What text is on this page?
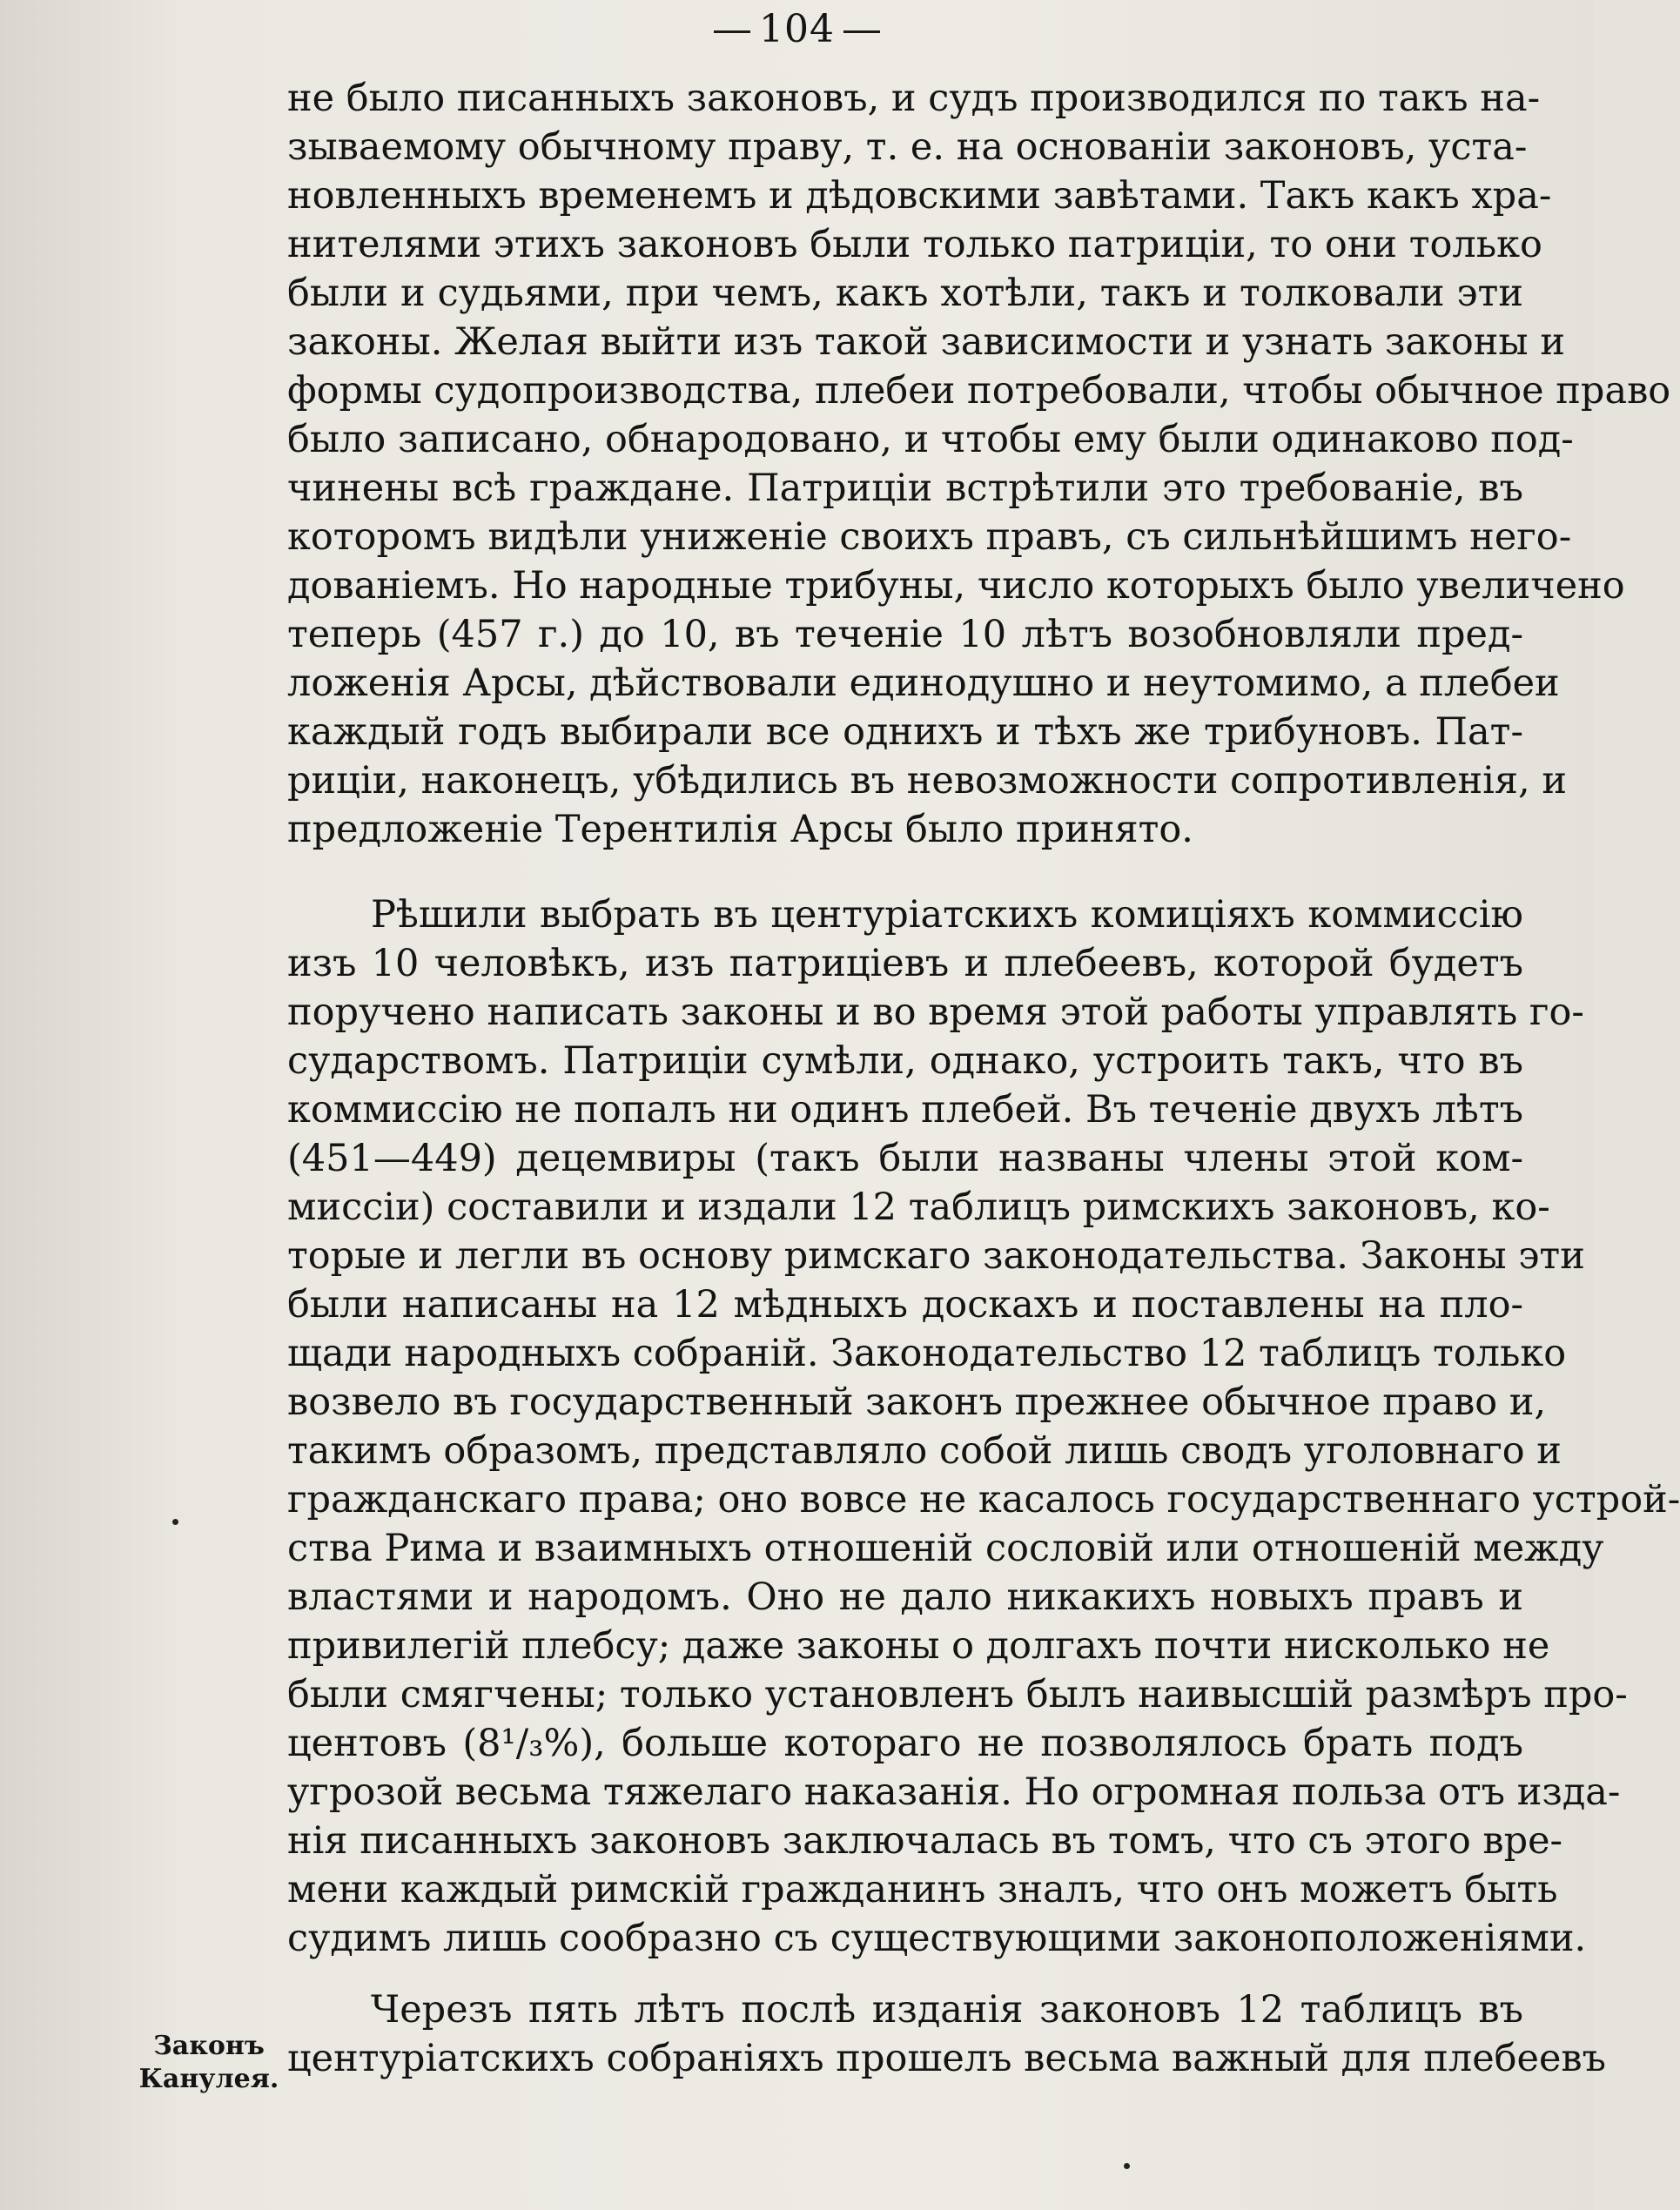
104
не было писанныхъ законовъ, и судъ производился по такъ на-
зываемому обычному праву, т. е. на основаніи законовъ, уста-
новленныхъ временемъ и дѣдовскими завѣтами. Такъ какъ хра-
нителями этихъ законовъ были только патриціи, то они только
были и судьями, при чемъ, какъ хотѣли, такъ и толковали эти
законы. Желая выйти изъ такой зависимости и узнать законы и
формы судопроизводства, плебеи потребовали, чтобы обычное право
было записано, обнародовано, и чтобы ему были одинаково под-
чинены всѣ граждане. Патриціи встрѣтили это требованіе, въ
которомъ видѣли униженіе своихъ правъ, съ сильнѣйшимъ него-
дованіемъ. Но народные трибуны, число которыхъ было увеличено
теперь (457 г.) до 10, въ теченіе 10 лѣтъ возобновляли пред-
ложенія Арсы, дѣйствовали единодушно и неутомимо, а плебеи
каждый годъ выбирали все однихъ и тѣхъ же трибуновъ. Пат-
риціи, наконецъ, убѣдились въ невозможности сопротивленія, и
предложеніе Терентилія Арсы было принято.
Рѣшили выбрать въ центуріатскихъ комиціяхъ коммиссію
изъ 10 человѣкъ, изъ патриціевъ и плебеевъ, которой будетъ
поручено написать законы и во время этой работы управлять го-
сударствомъ. Патриціи сумѣли, однако, устроить такъ, что въ
коммиссію не попалъ ни одинъ плебей. Въ теченіе двухъ лѣтъ
(451—449) децемвиры (такъ были названы члены этой ком-
миссіи) составили и издали 12 таблицъ римскихъ законовъ, ко-
торые и легли въ основу римскаго законодательства. Законы эти
были написаны на 12 мѣдныхъ доскахъ и поставлены на пло-
щади народныхъ собраній. Законодательство 12 таблицъ только
возвело въ государственный законъ прежнее обычное право и,
такимъ образомъ, представляло собой лишь сводъ уголовнаго и
гражданскаго права; оно вовсе не касалось государственнаго устрой-
ства Рима и взаимныхъ отношеній сословій или отношеній между
властями и народомъ. Оно не дало никакихъ новыхъ правъ и
привилегій плебсу; даже законы о долгахъ почти нисколько не
были смягчены; только установленъ былъ наивысшій размѣръ про-
центовъ (8¹/₃%), больше котораго не позволялось брать подъ
угрозой весьма тяжелаго наказанія. Но огромная польза отъ изда-
нія писанныхъ законовъ заключалась въ томъ, что съ этого вре-
мени каждый римскій гражданинъ зналъ, что онъ можетъ быть
судимъ лишь сообразно съ существующими законоположеніями.
Черезъ пять лѣтъ послѣ изданія законовъ 12 таблицъ въ
центуріатскихъ собраніяхъ прошелъ весьма важный для плебеевъ
Законъ
Канулея.
